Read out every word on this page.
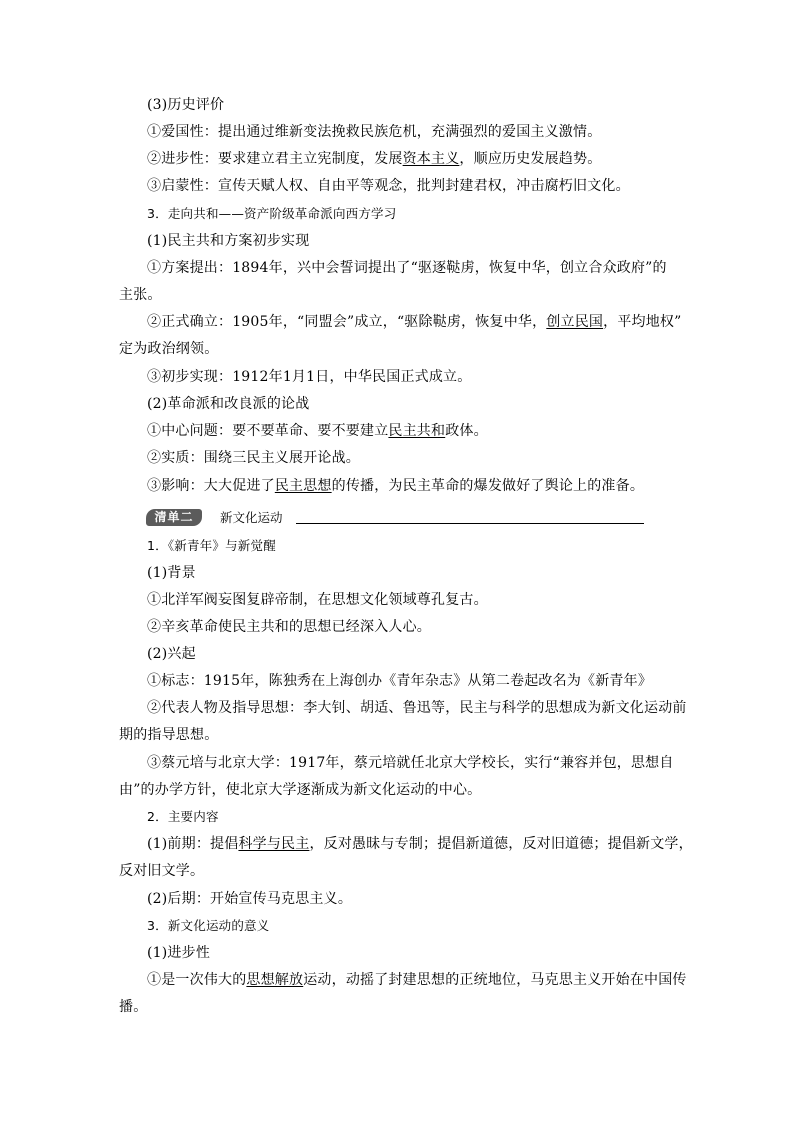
(3)历史评价
①爱国性：提出通过维新变法挽救民族危机，充满强烈的爱国主义激情。
②进步性：要求建立君主立宪制度，发展资本主义，顺应历史发展趋势。
③启蒙性：宣传天赋人权、自由平等观念，批判封建君权，冲击腐朽旧文化。
3．走向共和——资产阶级革命派向西方学习
(1)民主共和方案初步实现
①方案提出：1894年，兴中会誓词提出了“驱逐鞑虏，恢复中华，创立合众政府”的
主张。
②正式确立：1905年，“同盟会”成立，“驱除鞑虏，恢复中华，创立民国，平均地权”
定为政治纲领。
③初步实现：1912年1月1日，中华民国正式成立。
(2)革命派和改良派的论战
①中心问题：要不要革命、要不要建立民主共和政体。
②实质：围绕三民主义展开论战。
③影响：大大促进了民主思想的传播，为民主革命的爆发做好了舆论上的准备。
清单二	新文化运动
1．《新青年》与新觉醒
(1)背景
①北洋军阀妄图复辟帝制，在思想文化领域尊孔复古。
②辛亥革命使民主共和的思想已经深入人心。
(2)兴起
①标志：1915年，陈独秀在上海创办《青年杂志》从第二卷起改名为《新青年》
②代表人物及指导思想：李大钊、胡适、鲁迅等，民主与科学的思想成为新文化运动前
期的指导思想。
③蔡元培与北京大学：1917年，蔡元培就任北京大学校长，实行“兼容并包，思想自
由”的办学方针，使北京大学逐渐成为新文化运动的中心。
2．主要内容
(1)前期：提倡科学与民主，反对愚昧与专制；提倡新道德，反对旧道德；提倡新文学，
反对旧文学。
(2)后期：开始宣传马克思主义。
3．新文化运动的意义
(1)进步性
①是一次伟大的思想解放运动，动摇了封建思想的正统地位，马克思主义开始在中国传
播。
